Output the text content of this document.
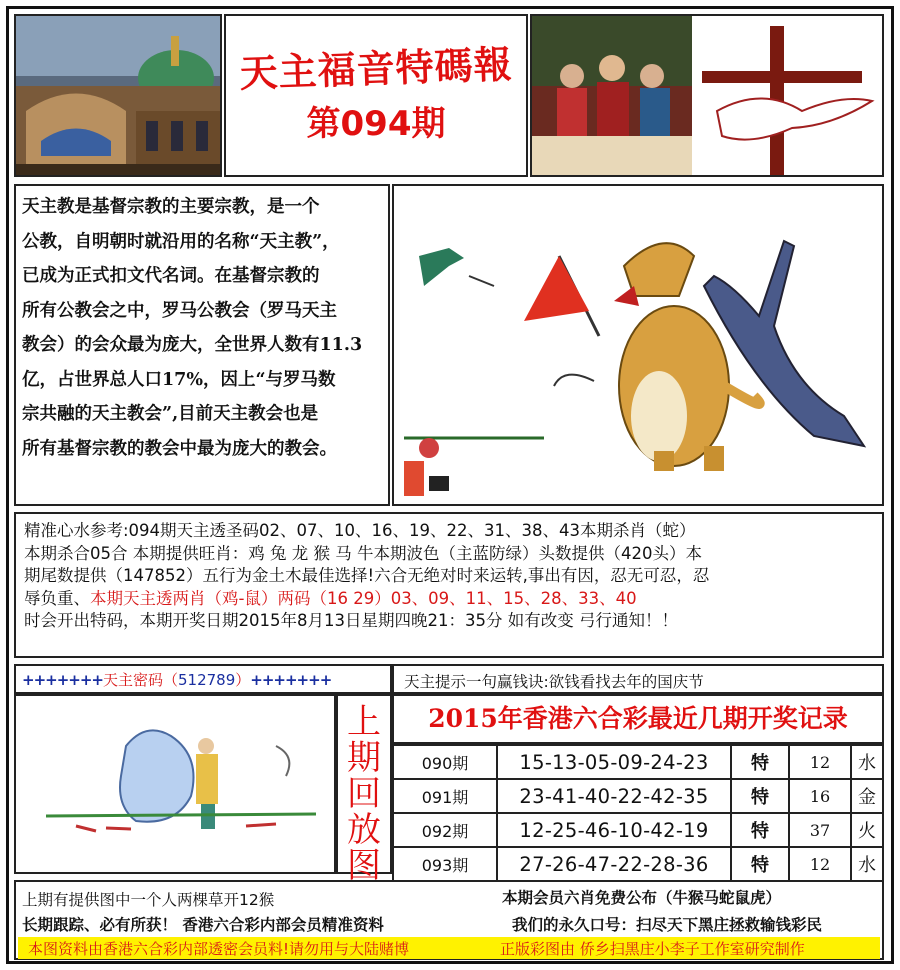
天主福音特碼報
第094期

天主教是基督宗教的主要宗教，是一个

公教，自明朝时就沿用的名称“天主教”，

已成为正式扣文代名词。在基督宗教的

所有公教会之中，罗马公教会（罗马天主

教会）的会众最为庞大，全世界人数有11.3

亿，占世界总人口17%，因上“与罗马数

宗共融的天主教会”,目前天主教会也是

所有基督宗教的教会中最为庞大的教会。

精准心水参考:094期天主透圣码02、07、10、16、19、22、31、38、43本期杀肖（蛇）

本期杀合05合 本期提供旺肖：鸡 兔 龙 猴 马 牛本期波色（主蓝防绿）头数提供（420头）本

期尾数提供（147852）五行为金土木最佳选择!六合无绝对时来运转,事出有因，忍无可忍，忍

辱负重、本期天主透两肖（鸡-鼠）两码（16 29）03、09、11、15、28、33、40

时会开出特码，本期开奖日期2015年8月13日星期四晚21：35分 如有改变 弓行通知！！

+++++++天主密码（512789）+++++++	天主提示一句赢钱诀:欲钱看找去年的国庆节
上期回放图
2015年香港六合彩最近几期开奖记录
090期	15-13-05-09-24-23	特	12	水
091期	23-41-40-22-42-35	特	16	金
092期	12-25-46-10-42-19	特	37	火
093期	27-26-47-22-28-36	特	12	水
上期有提供图中一个人两棵草开12猴	本期会员六肖免费公布（牛猴马蛇鼠虎）
长期跟踪、必有所获！ 香港六合彩内部会员精准资料	我们的永久口号：扫尽天下黑庄拯救输钱彩民
本图资料由香港六合彩内部透密会员料!请勿用与大陆赌博	正版彩图由 侨乡扫黑庄小李子工作室研究制作
